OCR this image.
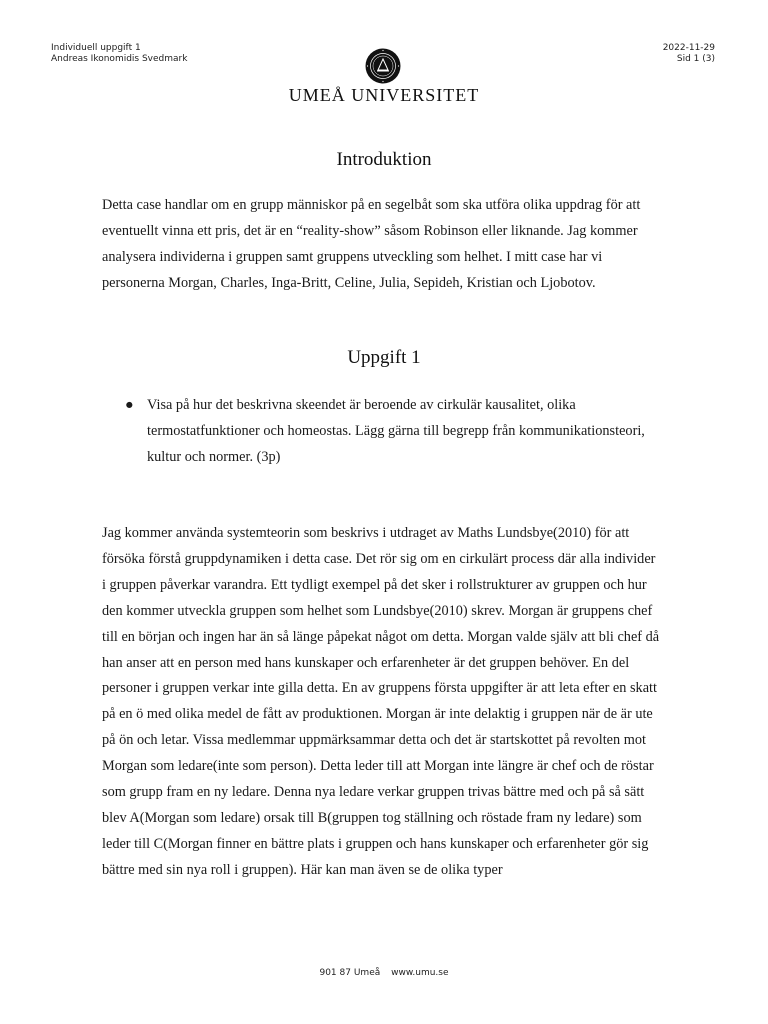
Individuell uppgift 1
Andreas Ikonomidis Svedmark
2022-11-29
Sid 1 (3)
UMEÅ UNIVERSITET
Introduktion
Detta case handlar om en grupp människor på en segelbåt som ska utföra olika uppdrag för att eventuellt vinna ett pris, det är en “reality-show” såsom Robinson eller liknande. Jag kommer analysera individerna i gruppen samt gruppens utveckling som helhet. I mitt case har vi personerna Morgan, Charles, Inga-Britt, Celine, Julia, Sepideh, Kristian och Ljobotov.
Uppgift 1
● Visa på hur det beskrivna skeendet är beroende av cirkulär kausalitet, olika termostatfunktioner och homeostas. Lägg gärna till begrepp från kommunikationsteori, kultur och normer. (3p)
Jag kommer använda systemteorin som beskrivs i utdraget av Maths Lundsbye(2010) för att försöka förstå gruppdynamiken i detta case. Det rör sig om en cirkulärt process där alla individer i gruppen påverkar varandra. Ett tydligt exempel på det sker i rollstrukturer av gruppen och hur den kommer utveckla gruppen som helhet som Lundsbye(2010) skrev. Morgan är gruppens chef till en början och ingen har än så länge påpekat något om detta. Morgan valde själv att bli chef då han anser att en person med hans kunskaper och erfarenheter är det gruppen behöver. En del personer i gruppen verkar inte gilla detta. En av gruppens första uppgifter är att leta efter en skatt på en ö med olika medel de fått av produktionen. Morgan är inte delaktig i gruppen när de är ute på ön och letar. Vissa medlemmar uppmärksammar detta och det är startskottet på revolten mot Morgan som ledare(inte som person). Detta leder till att Morgan inte längre är chef och de röstar som grupp fram en ny ledare. Denna nya ledare verkar gruppen trivas bättre med och på så sätt blev A(Morgan som ledare) orsak till B(gruppen tog ställning och röstade fram ny ledare) som leder till C(Morgan finner en bättre plats i gruppen och hans kunskaper och erfarenheter gör sig bättre med sin nya roll i gruppen). Här kan man även se de olika typer
901 87 Umeå www.umu.se
